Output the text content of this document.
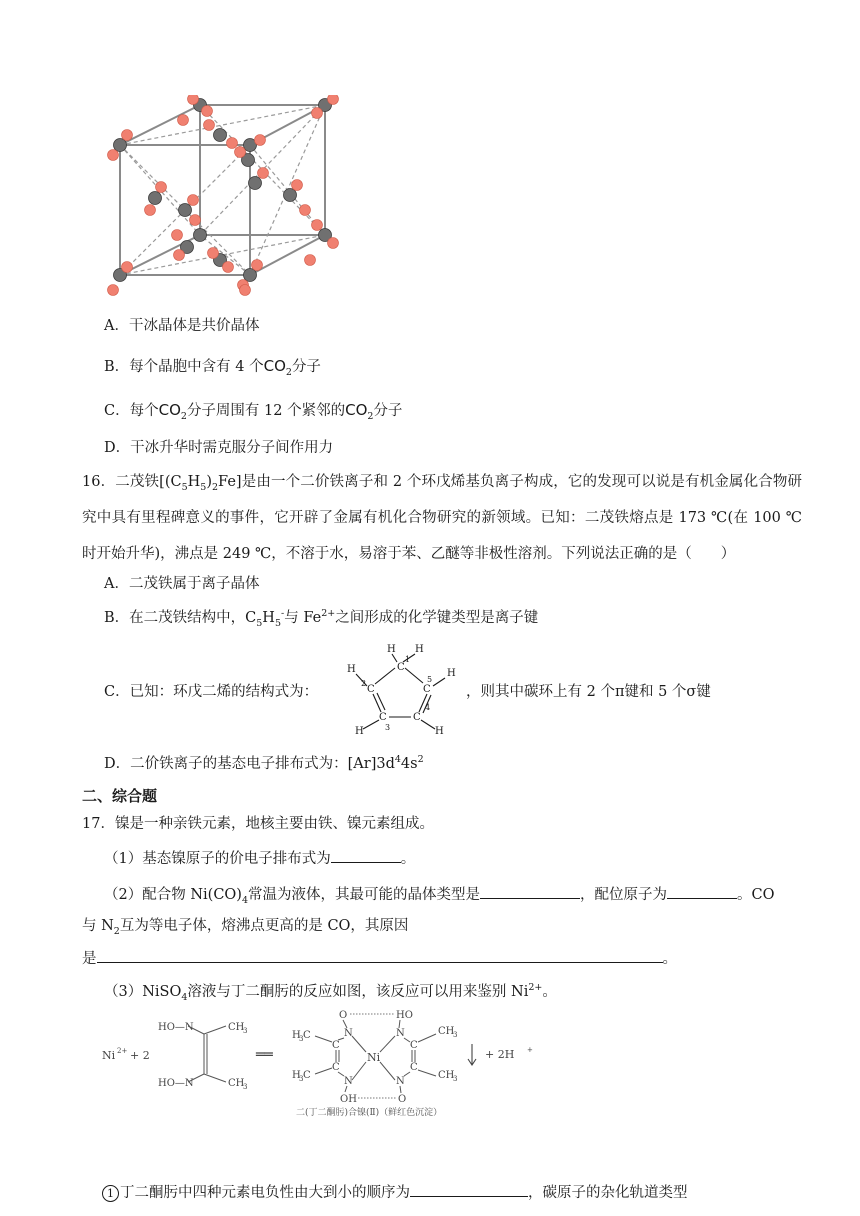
A．干冰晶体是共价晶体
B．每个晶胞中含有 4 个$CO_2$分子
C．每个$CO_2$分子周围有 12 个紧邻的$CO_2$分子
D．干冰升华时需克服分子间作用力
16．二茂铁$[(C_5H_5)_2Fe]$是由一个二价铁离子和 2 个环戊烯基负离子构成，它的发现可以说是有机金属化合物研究中具有里程碑意义的事件，它开辟了金属有机化合物研究的新领域。已知：二茂铁熔点是 173 ℃(在 100 ℃时开始升华)，沸点是 249 ℃，不溶于水，易溶于苯、乙醚等非极性溶剂。下列说法正确的是（　　）
A．二茂铁属于离子晶体
B．在二茂铁结构中，$C_5H_5^-$与 $Fe^{2+}$之间形成的化学键类型是离子键
C．已知：环戊二烯的结构式为：
C
C	C
C	C
1
2
3
4
5
H H
H	H
H	H
，则其中碳环上有 2 个π键和 5 个σ键
D．二价铁离子的基态电子排布式为：$[Ar]3d^44s^2$
二、综合题
17．镍是一种亲铁元素，地核主要由铁、镍元素组成。
（1）基态镍原子的价电子排布式为	。
（2）配合物 $Ni(CO)_4$常温为液体，其最可能的晶体类型是	，配位原子为	。CO
与 $N_2$互为等电子体，熔沸点更高的是 CO，其原因
是	。
（3）NiSO$_4$溶液与丁二酮肟的反应如图，该反应可以用来鉴别 $Ni^{2+}$。
Ni 2+ + 2
HO—N
HO—N
CH
3
CH
3
══
H
3 C
H
3 C
O
N
C
C
N
OH
Ni
HO
N
C
C
N
O
CH
3
CH
3
+ 2H +
二(丁二酮肟)合镍(Ⅱ)（鲜红色沉淀）
1 丁二酮肟中四种元素电负性由大到小的顺序为	，碳原子的杂化轨道类型
